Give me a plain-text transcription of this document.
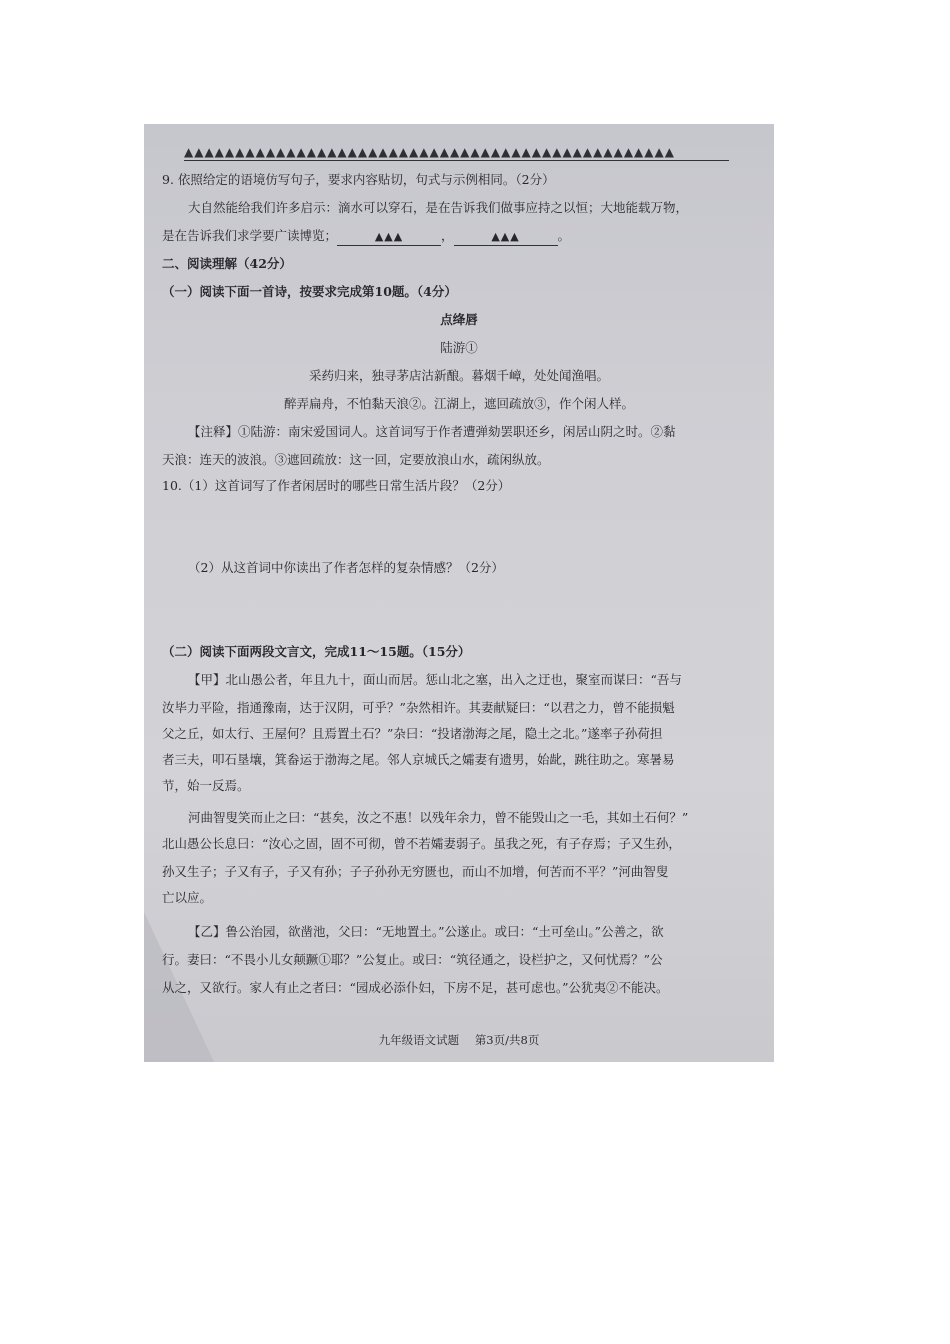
▲▲▲▲▲▲▲▲▲▲▲▲▲▲▲▲▲▲▲▲▲▲▲▲▲▲▲▲▲▲▲▲▲▲▲▲▲▲▲▲▲▲▲▲▲▲▲▲
9. 依照给定的语境仿写句子，要求内容贴切，句式与示例相同。（2分）
大自然能给我们许多启示：滴水可以穿石，是在告诉我们做事应持之以恒；大地能载万物，
是在告诉我们求学要广读博览；	▲▲▲	，	▲▲▲	。
二、阅读理解（42分）
（一）阅读下面一首诗，按要求完成第10题。（4分）
点绛唇
陆游①
采药归来，独寻茅店沽新酿。暮烟千嶂，处处闻渔唱。
醉弄扁舟，不怕黏天浪②。江湖上，遮回疏放③，作个闲人样。
【注释】①陆游：南宋爱国词人。这首词写于作者遭弹劾罢职还乡，闲居山阴之时。②黏
天浪：连天的波浪。③遮回疏放：这一回，定要放浪山水，疏闲纵放。
10.（1）这首词写了作者闲居时的哪些日常生活片段？（2分）
（2）从这首词中你读出了作者怎样的复杂情感？（2分）
（二）阅读下面两段文言文，完成11～15题。（15分）
【甲】北山愚公者，年且九十，面山而居。惩山北之塞，出入之迂也，聚室而谋曰：“吾与
汝毕力平险，指通豫南，达于汉阴，可乎？”杂然相许。其妻献疑曰：“以君之力，曾不能损魁
父之丘，如太行、王屋何？且焉置土石？”杂曰：“投诸渤海之尾，隐土之北。”遂率子孙荷担
者三夫，叩石垦壤，箕畚运于渤海之尾。邻人京城氏之孀妻有遗男，始龀，跳往助之。寒暑易
节，始一反焉。
河曲智叟笑而止之曰：“甚矣，汝之不惠！以残年余力，曾不能毁山之一毛，其如土石何？”
北山愚公长息曰：“汝心之固，固不可彻，曾不若孀妻弱子。虽我之死，有子存焉；子又生孙，
孙又生子；子又有子，子又有孙；子子孙孙无穷匮也，而山不加增，何苦而不平？”河曲智叟
亡以应。
【乙】鲁公治园，欲凿池，父曰：“无地置土。”公遂止。或曰：“土可垒山。”公善之，欲
行。妻曰：“不畏小儿女颠蹶①耶？”公复止。或曰：“筑径通之，设栏护之，又何忧焉？”公
从之，又欲行。家人有止之者曰：“园成必添仆妇，下房不足，甚可虑也。”公犹夷②不能决。
九年级语文试题 第3页/共8页
